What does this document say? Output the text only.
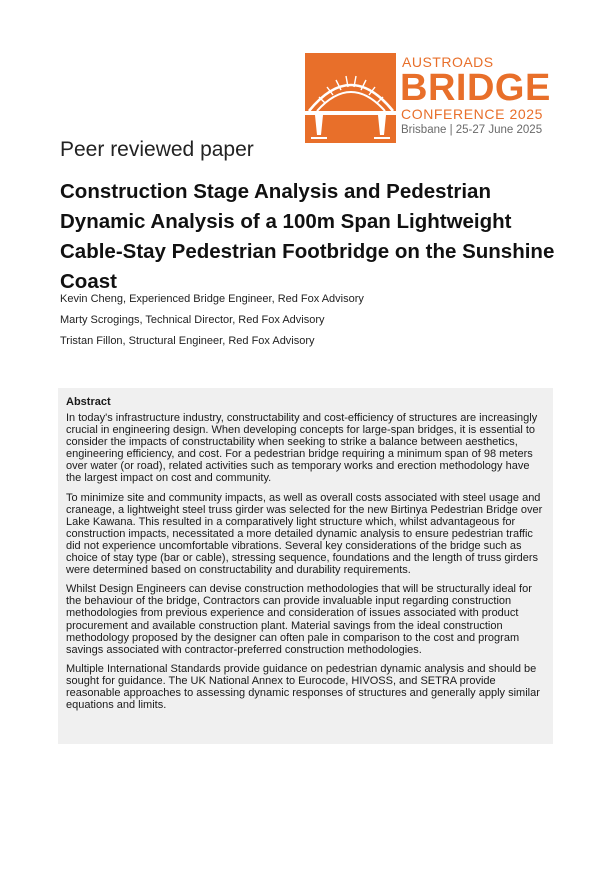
AUSTROADS
BRIDGE
CONFERENCE 2025
Brisbane | 25-27 June 2025
Peer reviewed paper
Construction Stage Analysis and Pedestrian Dynamic Analysis of a 100m Span Lightweight Cable-Stay Pedestrian Footbridge on the Sunshine Coast
Kevin Cheng, Experienced Bridge Engineer, Red Fox Advisory
Marty Scrogings, Technical Director, Red Fox Advisory
Tristan Fillon, Structural Engineer, Red Fox Advisory
Abstract

In today's infrastructure industry, constructability and cost-efficiency of structures are increasingly crucial in engineering design. When developing concepts for large-span bridges, it is essential to consider the impacts of constructability when seeking to strike a balance between aesthetics, engineering efficiency, and cost. For a pedestrian bridge requiring a minimum span of 98 meters over water (or road), related activities such as temporary works and erection methodology have the largest impact on cost and community.

To minimize site and community impacts, as well as overall costs associated with steel usage and craneage, a lightweight steel truss girder was selected for the new Birtinya Pedestrian Bridge over Lake Kawana. This resulted in a comparatively light structure which, whilst advantageous for construction impacts, necessitated a more detailed dynamic analysis to ensure pedestrian traffic did not experience uncomfortable vibrations. Several key considerations of the bridge such as choice of stay type (bar or cable), stressing sequence, foundations and the length of truss girders were determined based on constructability and durability requirements.

Whilst Design Engineers can devise construction methodologies that will be structurally ideal for the behaviour of the bridge, Contractors can provide invaluable input regarding construction methodologies from previous experience and consideration of issues associated with product procurement and available construction plant. Material savings from the ideal construction methodology proposed by the designer can often pale in comparison to the cost and program savings associated with contractor-preferred construction methodologies.

Multiple International Standards provide guidance on pedestrian dynamic analysis and should be sought for guidance. The UK National Annex to Eurocode, HIVOSS, and SETRA provide reasonable approaches to assessing dynamic responses of structures and generally apply similar equations and limits.
